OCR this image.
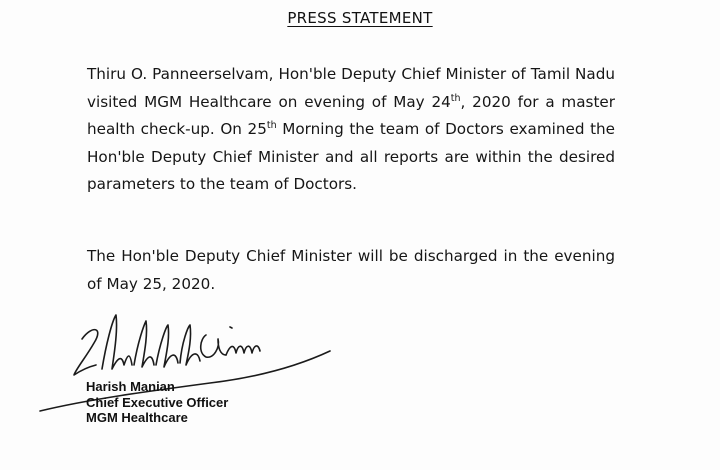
PRESS STATEMENT

Thiru O. Panneerselvam, Hon'ble Deputy Chief Minister of Tamil Nadu visited MGM Healthcare on evening of May 24th, 2020 for a master health check-up. On 25th Morning the team of Doctors examined the Hon'ble Deputy Chief Minister and all reports are within the desired parameters to the team of Doctors.

The Hon'ble Deputy Chief Minister will be discharged in the evening of May 25, 2020.

Harish Manian
Chief Executive Officer
MGM Healthcare
